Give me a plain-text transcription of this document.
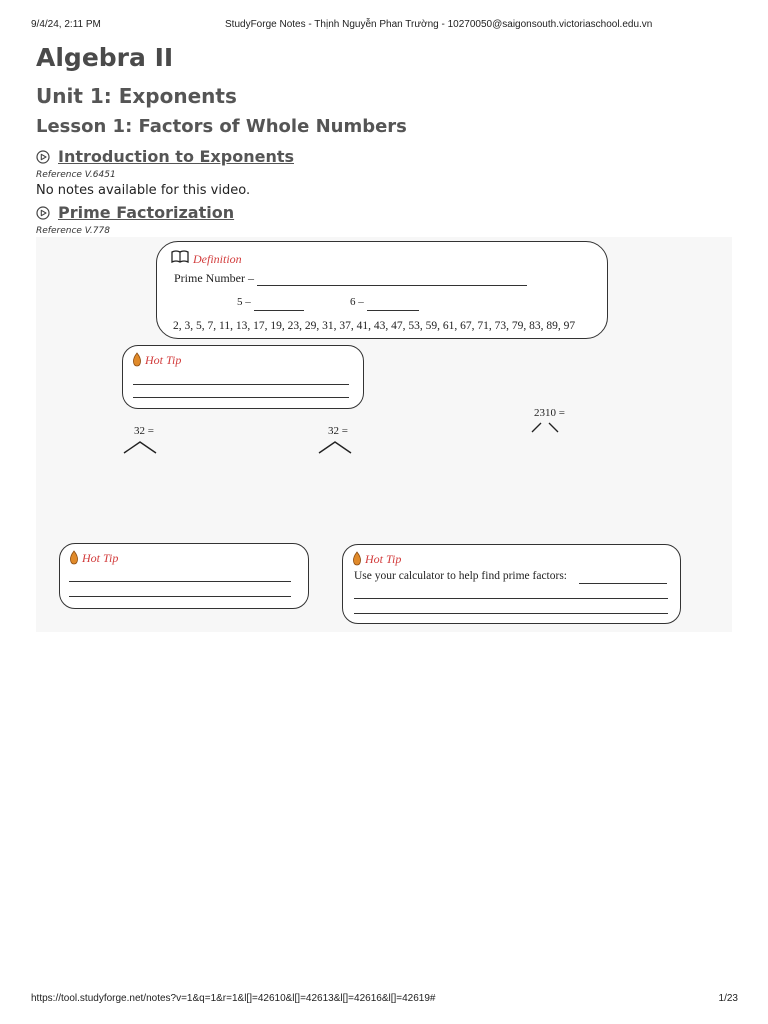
9/4/24, 2:11 PM	StudyForge Notes - Thịnh Nguyễn Phan Trường - 10270050@saigonsouth.victoriaschool.edu.vn
Algebra II
Unit 1: Exponents
Lesson 1: Factors of Whole Numbers
Introduction to Exponents
Reference V.6451
No notes available for this video.
Prime Factorization
Reference V.778
Definition
Prime Number –
5 –	6 –
2, 3, 5, 7, 11, 13, 17, 19, 23, 29, 31, 37, 41, 43, 47, 53, 59, 61, 67, 71, 73, 79, 83, 89, 97
Hot Tip
32 =	32 =
2310 =
Hot Tip	Hot Tip
Use your calculator to help find prime factors:
https://tool.studyforge.net/notes?v=1&q=1&r=1&l[]=42610&l[]=42613&l[]=42616&l[]=42619#	1/23
